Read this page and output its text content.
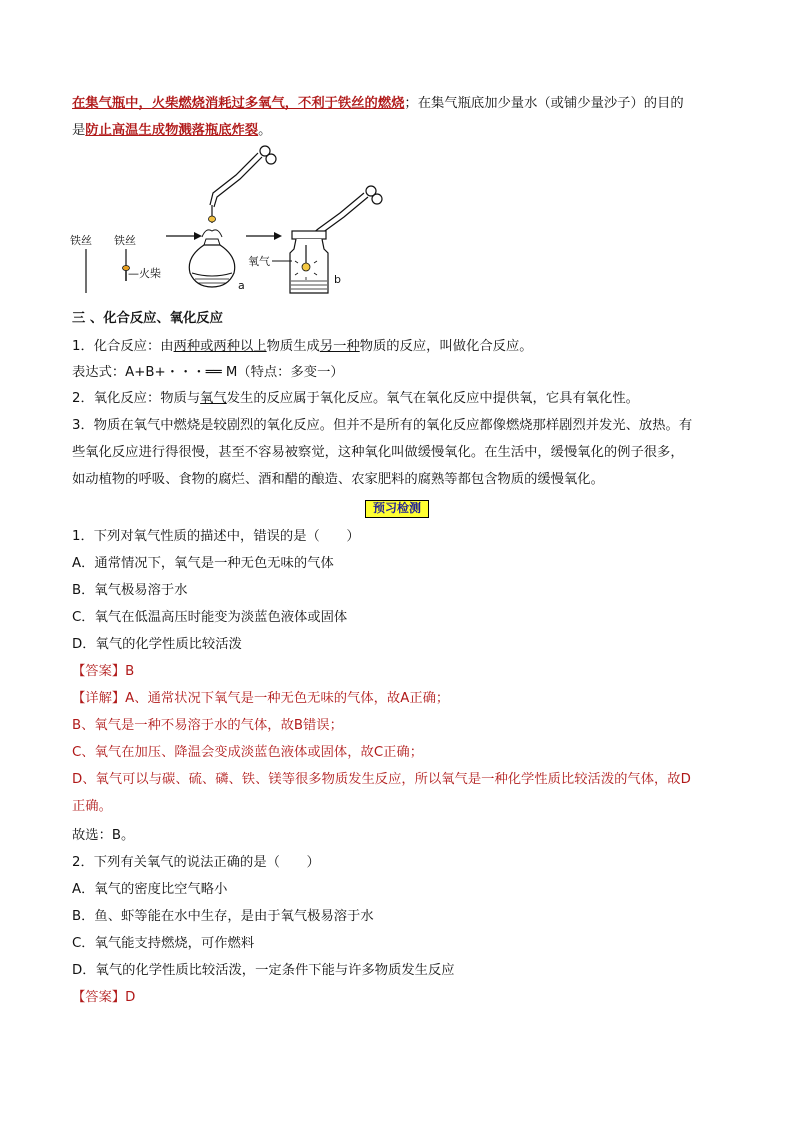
在集气瓶中，火柴燃烧消耗过多氧气，不利于铁丝的燃烧；在集气瓶底加少量水（或铺少量沙子）的目的
是防止高温生成物溅落瓶底炸裂。
铁丝 铁丝
—火柴
a
氧气
b
三 、化合反应、氧化反应
1．化合反应：由两种或两种以上物质生成另一种物质的反应，叫做化合反应。
表达式：A+B+・・・══ M（特点：多变一）
2．氧化反应：物质与氧气发生的反应属于氧化反应。氧气在氧化反应中提供氧，它具有氧化性。
3．物质在氧气中燃烧是较剧烈的氧化反应。但并不是所有的氧化反应都像燃烧那样剧烈并发光、放热。有
些氧化反应进行得很慢，甚至不容易被察觉，这种氧化叫做缓慢氧化。在生活中，缓慢氧化的例子很多，
如动植物的呼吸、食物的腐烂、酒和醋的酿造、农家肥料的腐熟等都包含物质的缓慢氧化。
预习检测
1．下列对氧气性质的描述中，错误的是（　　）
A．通常情况下，氧气是一种无色无味的气体
B．氧气极易溶于水
C．氧气在低温高压时能变为淡蓝色液体或固体
D．氧气的化学性质比较活泼
【答案】B
【详解】A、通常状况下氧气是一种无色无味的气体，故A正确；
B、氧气是一种不易溶于水的气体，故B错误；
C、氧气在加压、降温会变成淡蓝色液体或固体，故C正确；
D、氧气可以与碳、硫、磷、铁、镁等很多物质发生反应，所以氧气是一种化学性质比较活泼的气体，故D
正确。
故选：B。
2．下列有关氧气的说法正确的是（　　）
A．氧气的密度比空气略小
B．鱼、虾等能在水中生存，是由于氧气极易溶于水
C．氧气能支持燃烧，可作燃料
D．氧气的化学性质比较活泼，一定条件下能与许多物质发生反应
【答案】D
